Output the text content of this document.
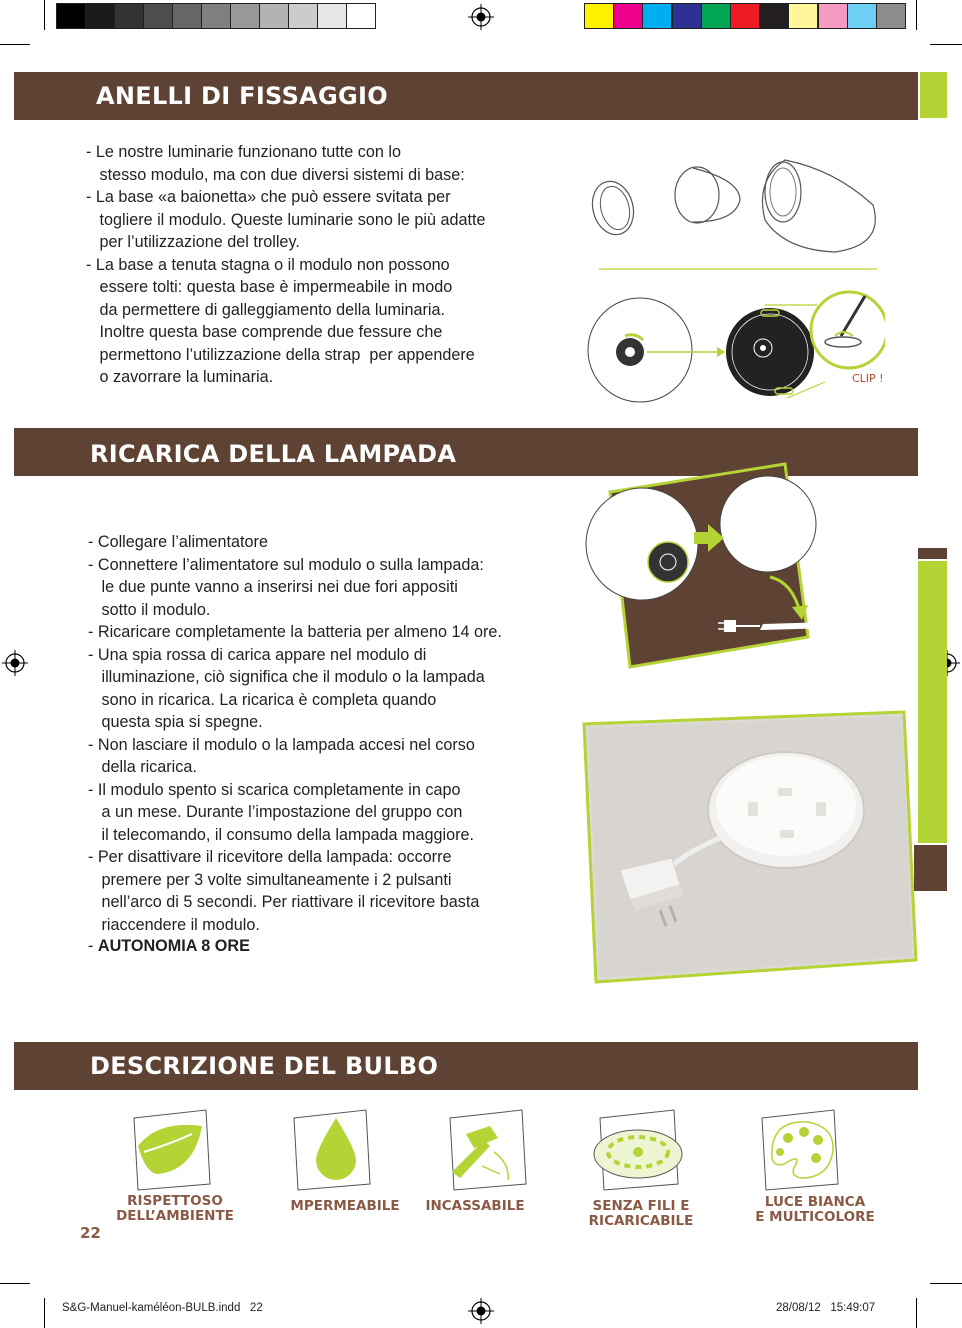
ANELLI DI FISSAGGIO
- Le nostre luminarie funzionano tutte con lo
stesso modulo, ma con due diversi sistemi di base:
- La base «a baionetta» che può essere svitata per
togliere il modulo. Queste luminarie sono le più adatte
per l’utilizzazione del trolley.
- La base a tenuta stagna o il modulo non possono
essere tolti: questa base è impermeabile in modo
da permettere di galleggiamento della luminaria.
Inoltre questa base comprende due fessure che
permettono l’utilizzazione della strap  per appendere
o zavorrare la luminaria.	CLIP !
RICARICA DELLA LAMPADA
- Collegare l’alimentatore
- Connettere l’alimentatore sul modulo o sulla lampada:
le due punte vanno a inserirsi nei due fori appositi
sotto il modulo.
- Ricaricare completamente la batteria per almeno 14 ore.
- Una spia rossa di carica appare nel modulo di
illuminazione, ciò significa che il modulo o la lampada
sono in ricarica. La ricarica è completa quando
questa spia si spegne.
- Non lasciare il modulo o la lampada accesi nel corso
della ricarica.
- Il modulo spento si scarica completamente in capo
a un mese. Durante l’impostazione del gruppo con
il telecomando, il consumo della lampada maggiore.
- Per disattivare il ricevitore della lampada: occorre
premere per 3 volte simultaneamente i 2 pulsanti
nell’arco di 5 secondi. Per riattivare il ricevitore basta
riaccendere il modulo.
- AUTONOMIA 8 ORE
DESCRIZIONE DEL BULBO
RISPETTOSO
DELL’AMBIENTE
MPERMEABILE	INCASSABILE	SENZA FILI E
RICARICABILE
LUCE BIANCA
E MULTICOLORE
22
S&G-Manuel-kaméléon-BULB.indd   22	28/08/12   15:49:07
